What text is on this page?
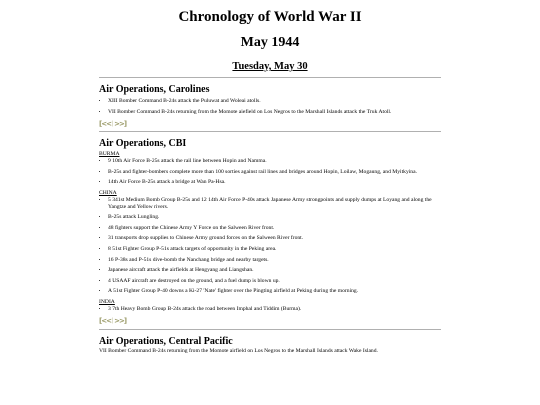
Chronology of World War II
May 1944
Tuesday, May 30
Air Operations, Carolines
• XIII Bomber Command B-24s attack the Puluwat and Woleai atolls.
• VII Bomber Command B-24s returning from the Momote aiefield on Los Negros to the Marshall Islands attack the Truk Atoll.
[<< | >>]
Air Operations, CBI
BURMA
• 9 10th Air Force B-25s attack the rail line between Hopin and Namma.
• B-25s and fighter-bombers complete more than 100 sorties against rail lines and bridges around Hopin, Loilaw, Mogaung, and Myitkyina.
• 14th Air Force B-25s attack a bridge at Wan Pa-Hsa.
CHINA
• 5 341st Medium Bomb Group B-25s and 12 14th Air Force P-40s attack Japanese Army strongpoints and supply dumps at Loyang and along the Yangtze and Yellow rivers.
• B-25s attack Lungling.
• 48 fighters support the Chinese Army Y Force on the Salween River front.
• 31 transports drop supplies to Chinese Army ground forces on the Salween River front.
• 8 51st Fighter Group P-51s attack targets of opportunity in the Peking area.
• 16 P-38s and P-51s dive-bomb the Nanchang bridge and nearby targets.
• Japanese aircraft attack the airfields at Hengyang and Liangshan.
• 4 USAAF aircraft are destroyed on the ground, and a fuel dump is blown up.
• A 51st Fighter Group P-40 downs a Ki-27 'Nate' fighter over the Pingting airfield at Peking during the morning.
INDIA
• 3 7th Heavy Bomb Group B-24s attack the road between Imphal and Tiddim (Burma).
[<< | >>]
Air Operations, Central Pacific

VII Bomber Command B-24s returning from the Momote airfield on Los Negros to the Marshall Islands attack Wake Island.
